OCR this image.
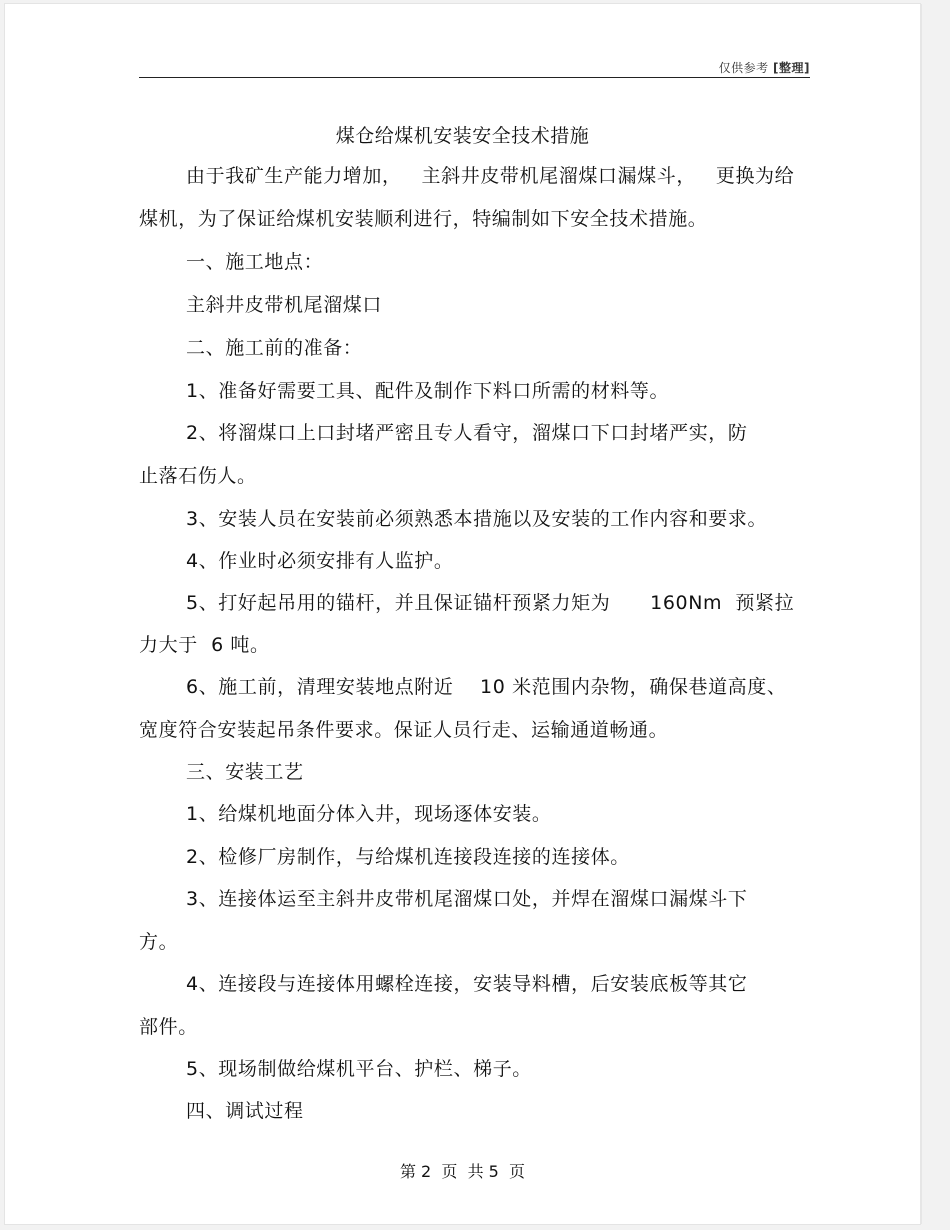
仅供参考 [整理]
煤仓给煤机安装安全技术措施
由于我矿生产能力增加，   主斜井皮带机尾溜煤口漏煤斗，   更换为给
煤机，为了保证给煤机安装顺利进行，特编制如下安全技术措施。
一、施工地点：
主斜井皮带机尾溜煤口
二、施工前的准备：
1、准备好需要工具、配件及制作下料口所需的材料等。
2、将溜煤口上口封堵严密且专人看守，溜煤口下口封堵严实，防
止落石伤人。
3、安装人员在安装前必须熟悉本措施以及安装的工作内容和要求。
4、作业时必须安排有人监护。
5、打好起吊用的锚杆，并且保证锚杆预紧力矩为      160Nm  预紧拉
力大于  6 吨。
6、施工前，清理安装地点附近    10 米范围内杂物，确保巷道高度、
宽度符合安装起吊条件要求。保证人员行走、运输通道畅通。
三、安装工艺
1、给煤机地面分体入井，现场逐体安装。
2、检修厂房制作，与给煤机连接段连接的连接体。
3、连接体运至主斜井皮带机尾溜煤口处，并焊在溜煤口漏煤斗下
方。
4、连接段与连接体用螺栓连接，安装导料槽，后安装底板等其它
部件。
5、现场制做给煤机平台、护栏、梯子。
四、调试过程
第 2  页  共 5  页
